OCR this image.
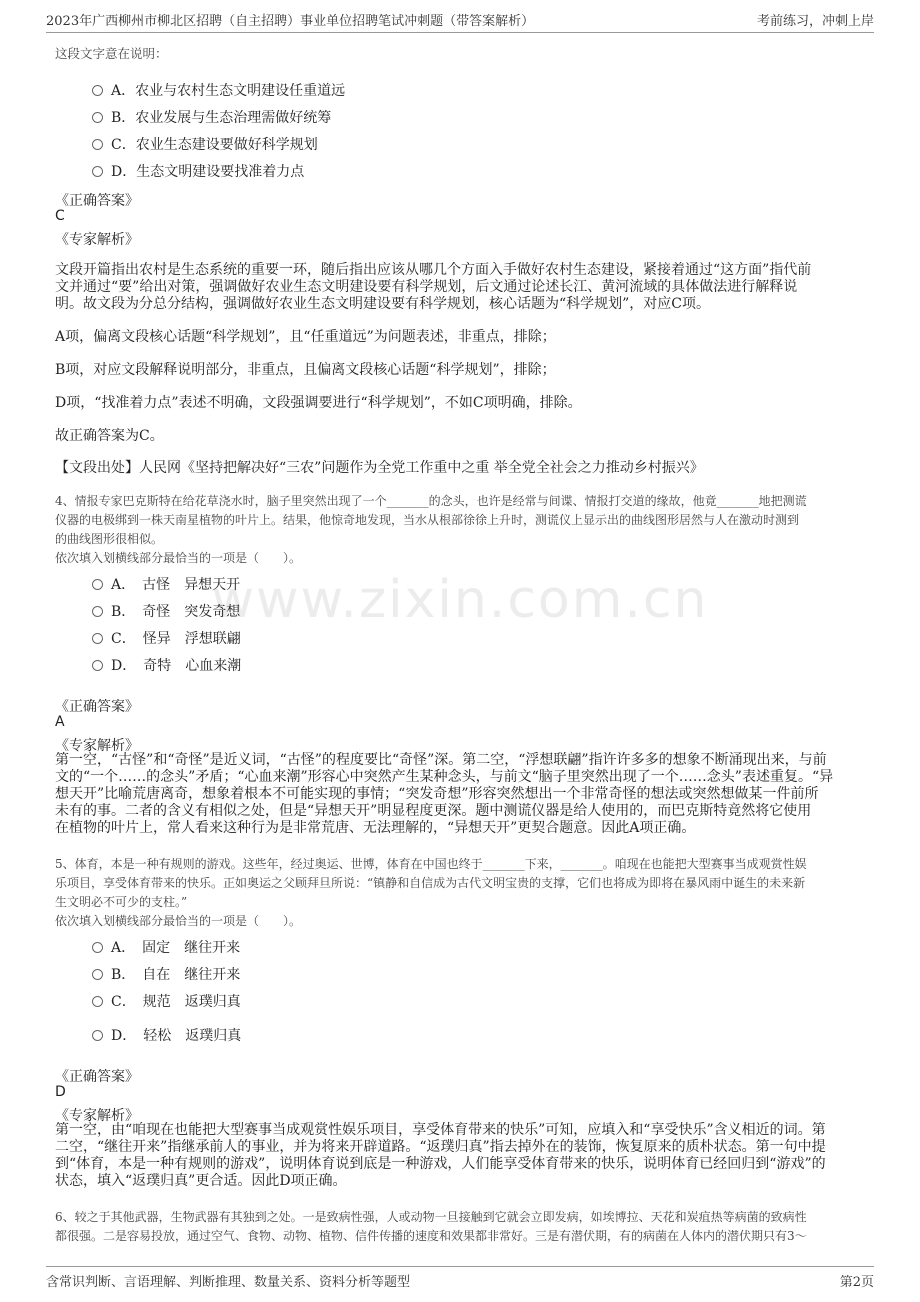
2023年广西柳州市柳北区招聘（自主招聘）事业单位招聘笔试冲刺题（带答案解析）	考前练习，冲刺上岸
www.zixin.com.cn
这段文字意在说明：
A．农业与农村生态文明建设任重道远
B．农业发展与生态治理需做好统筹
C．农业生态建设要做好科学规划
D．生态文明建设要找准着力点
《正确答案》
C
《专家解析》
文段开篇指出农村是生态系统的重要一环，随后指出应该从哪几个方面入手做好农村生态建设，紧接着通过“这方面”指代前
文并通过“要”给出对策，强调做好农业生态文明建设要有科学规划，后文通过论述长江、黄河流域的具体做法进行解释说
明。故文段为分总分结构，强调做好农业生态文明建设要有科学规划，核心话题为“科学规划”，对应C项。
A项，偏离文段核心话题“科学规划”，且“任重道远”为问题表述，非重点，排除；
B项，对应文段解释说明部分，非重点，且偏离文段核心话题“科学规划”，排除；
D项，“找准着力点”表述不明确，文段强调要进行“科学规划”，不如C项明确，排除。
故正确答案为C。
【文段出处】人民网《坚持把解决好“三农”问题作为全党工作重中之重 举全党全社会之力推动乡村振兴》
4、情报专家巴克斯特在给花草浇水时，脑子里突然出现了一个_______的念头，也许是经常与间谍、情报打交道的缘故，他竟_______地把测谎
仪器的电极绑到一株天南星植物的叶片上。结果，他惊奇地发现，当水从根部徐徐上升时，测谎仪上显示出的曲线图形居然与人在激动时测到
的曲线图形很相似。
依次填入划横线部分最恰当的一项是（　　）。
A．　古怪　异想天开
B．　奇怪　突发奇想
C．　怪异　浮想联翩
D．　奇特　心血来潮
《正确答案》
A
《专家解析》
第一空，“古怪”和“奇怪”是近义词，“古怪”的程度要比“奇怪”深。第二空，“浮想联翩”指许许多多的想象不断涌现出来，与前
文的“一个……的念头”矛盾；“心血来潮”形容心中突然产生某种念头，与前文“脑子里突然出现了一个……念头”表述重复。“异
想天开”比喻荒唐离奇，想象着根本不可能实现的事情；“突发奇想”形容突然想出一个非常奇怪的想法或突然想做某一件前所
未有的事。二者的含义有相似之处，但是“异想天开”明显程度更深。题中测谎仪器是给人使用的，而巴克斯特竟然将它使用
在植物的叶片上，常人看来这种行为是非常荒唐、无法理解的，“异想天开”更契合题意。因此A项正确。
5、体育，本是一种有规则的游戏。这些年，经过奥运、世博，体育在中国也终于_______下来，_______。咱现在也能把大型赛事当成观赏性娱
乐项目，享受体育带来的快乐。正如奥运之父顾拜旦所说：“镇静和自信成为古代文明宝贵的支撑，它们也将成为即将在暴风雨中诞生的未来新
生文明必不可少的支柱。”
依次填入划横线部分最恰当的一项是（　　）。
A．　固定　继往开来
B．　自在　继往开来
C．　规范　返璞归真
D．　轻松　返璞归真
《正确答案》
D
《专家解析》
第一空，由“咱现在也能把大型赛事当成观赏性娱乐项目，享受体育带来的快乐”可知，应填入和“享受快乐”含义相近的词。第
二空，“继往开来”指继承前人的事业，并为将来开辟道路。“返璞归真”指去掉外在的装饰，恢复原来的质朴状态。第一句中提
到“体育，本是一种有规则的游戏”，说明体育说到底是一种游戏，人们能享受体育带来的快乐，说明体育已经回归到“游戏”的
状态，填入“返璞归真”更合适。因此D项正确。
6、较之于其他武器，生物武器有其独到之处。一是致病性强，人或动物一旦接触到它就会立即发病，如埃博拉、天花和炭疽热等病菌的致病性
都很强。二是容易投放，通过空气、食物、动物、植物、信件传播的速度和效果都非常好。三是有潜伏期，有的病菌在人体内的潜伏期只有3～
含常识判断、言语理解、判断推理、数量关系、资料分析等题型	第2页
